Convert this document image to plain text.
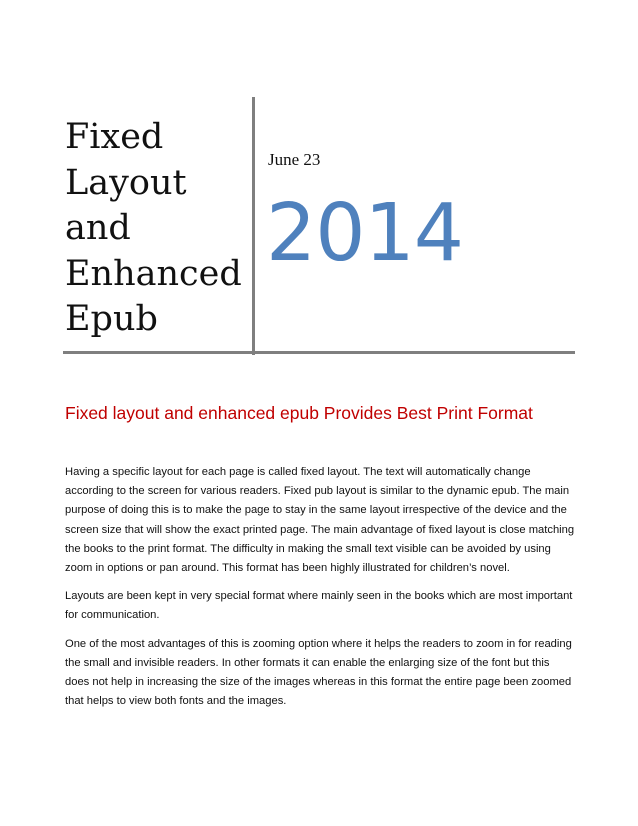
Fixed
Layout
and
Enhanced
Epub
June 23
2014
Fixed layout and enhanced epub Provides Best Print Format

Having a specific layout for each page is called fixed layout. The text will automatically change according to the screen for various readers. Fixed pub layout is similar to the dynamic epub. The main purpose of doing this is to make the page to stay in the same layout irrespective of the device and the screen size that will show the exact printed page. The main advantage of fixed layout is close matching the books to the print format. The difficulty in making the small text visible can be avoided by using zoom in options or pan around. This format has been highly illustrated for children’s novel.

Layouts are been kept in very special format where mainly seen in the books which are most important for communication.

One of the most advantages of this is zooming option where it helps the readers to zoom in for reading the small and invisible readers. In other formats it can enable the enlarging size of the font but this does not help in increasing the size of the images whereas in this format the entire page been zoomed that helps to view both fonts and the images.
